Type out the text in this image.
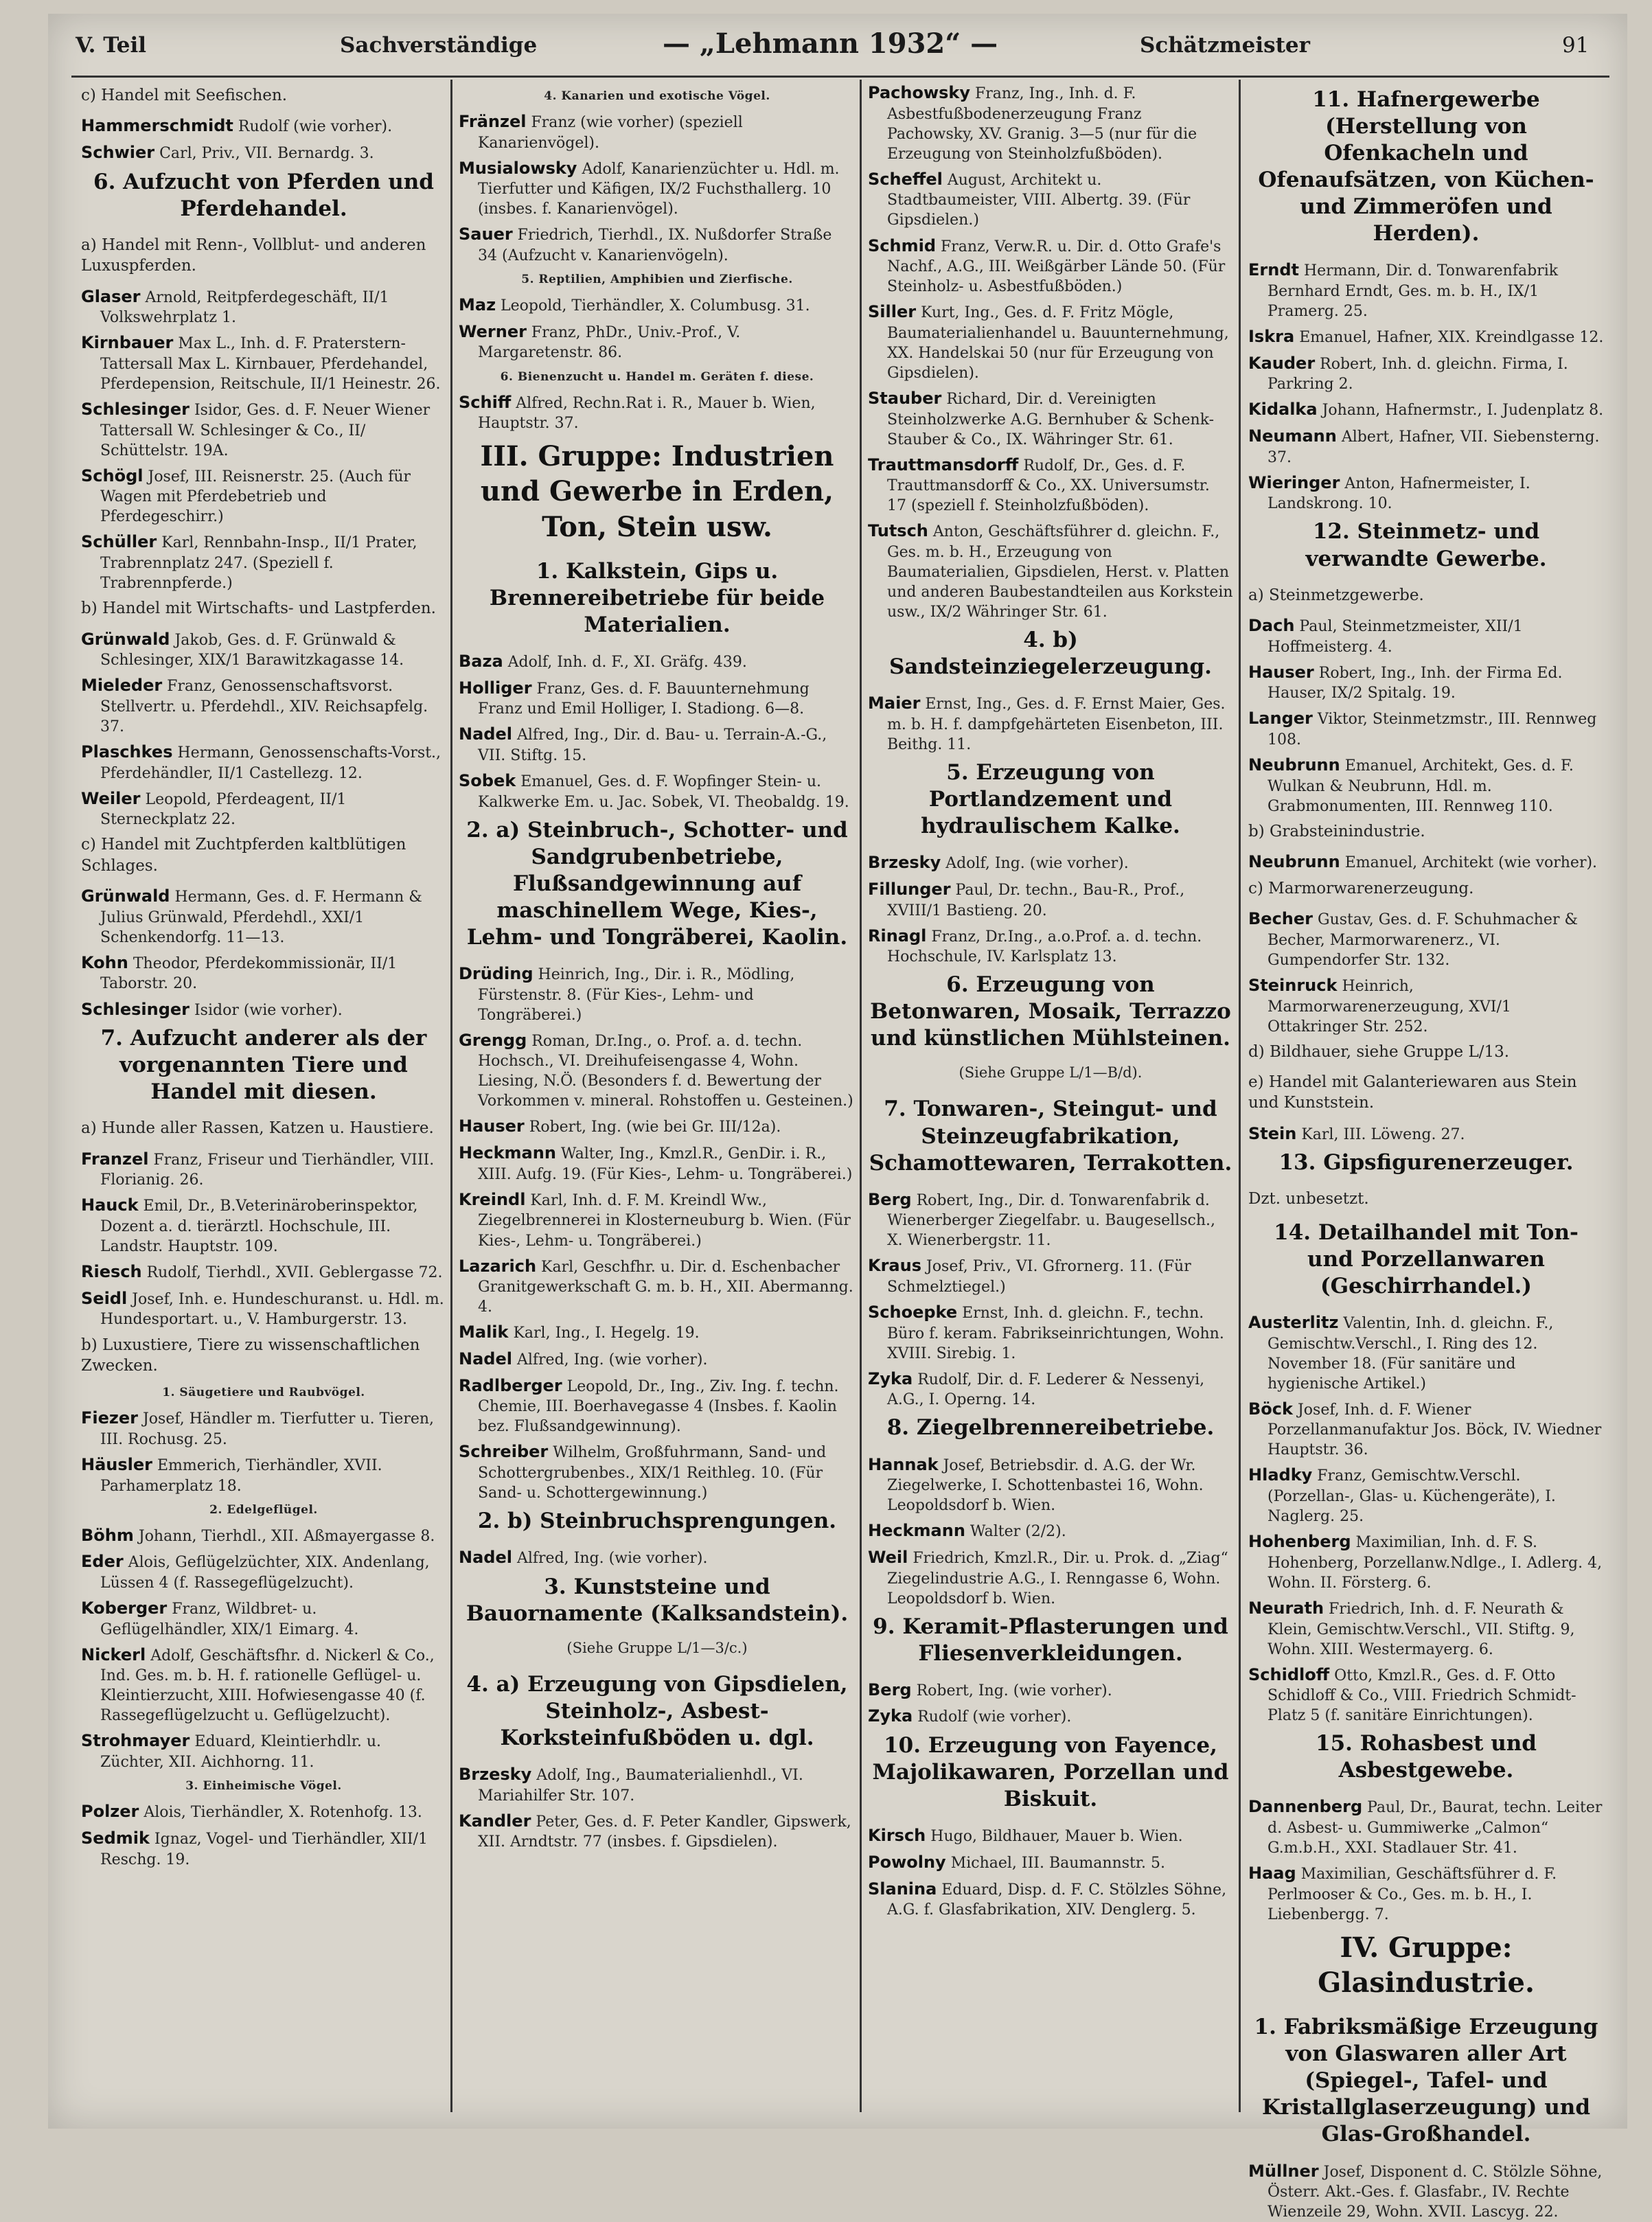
V. Teil	Sachverständige	— „Lehmann 1932“ —	Schätzmeister	91
c) Handel mit Seefischen.
Hammerschmidt Rudolf (wie vorher).
Schwier Carl, Priv., VII. Bernardg. 3.
6. Aufzucht von Pferden und Pferdehandel.
a) Handel mit Renn-, Vollblut- und anderen Luxuspferden.
Glaser Arnold, Reitpferdegeschäft, II/1 Volkswehrplatz 1.
Kirnbauer Max L., Inh. d. F. Praterstern-Tattersall Max L. Kirnbauer, Pferdehandel, Pferdepension, Reitschule, II/1 Heinestr. 26.
Schlesinger Isidor, Ges. d. F. Neuer Wiener Tattersall W. Schlesinger & Co., II/ Schüttelstr. 19A.
Schögl Josef, III. Reisnerstr. 25. (Auch für Wagen mit Pferdebetrieb und Pferdegeschirr.)
Schüller Karl, Rennbahn-Insp., II/1 Prater, Trabrennplatz 247. (Speziell f. Trabrennpferde.)
b) Handel mit Wirtschafts- und Lastpferden.
Grünwald Jakob, Ges. d. F. Grünwald & Schlesinger, XIX/1 Barawitzkagasse 14.
Mieleder Franz, Genossenschaftsvorst. Stellvertr. u. Pferdehdl., XIV. Reichsapfelg. 37.
Plaschkes Hermann, Genossenschafts-Vorst., Pferdehändler, II/1 Castellezg. 12.
Weiler Leopold, Pferdeagent, II/1 Sterneckplatz 22.
c) Handel mit Zuchtpferden kaltblütigen Schlages.
Grünwald Hermann, Ges. d. F. Hermann & Julius Grünwald, Pferdehdl., XXI/1 Schenkendorfg. 11—13.
Kohn Theodor, Pferdekommissionär, II/1 Taborstr. 20.
Schlesinger Isidor (wie vorher).
7. Aufzucht anderer als der vorgenannten Tiere und Handel mit diesen.
a) Hunde aller Rassen, Katzen u. Haustiere.
Franzel Franz, Friseur und Tierhändler, VIII. Florianig. 26.
Hauck Emil, Dr., B.Veterinäroberinspektor, Dozent a. d. tierärztl. Hochschule, III. Landstr. Hauptstr. 109.
Riesch Rudolf, Tierhdl., XVII. Geblergasse 72.
Seidl Josef, Inh. e. Hundeschuranst. u. Hdl. m. Hundesportart. u., V. Hamburgerstr. 13.
b) Luxustiere, Tiere zu wissenschaftlichen Zwecken.
1. Säugetiere und Raubvögel.
Fiezer Josef, Händler m. Tierfutter u. Tieren, III. Rochusg. 25.
Häusler Emmerich, Tierhändler, XVII. Parhamerplatz 18.
2. Edelgeflügel.
Böhm Johann, Tierhdl., XII. Aßmayergasse 8.
Eder Alois, Geflügelzüchter, XIX. Andenlang, Lüssen 4 (f. Rassegeflügelzucht).
Koberger Franz, Wildbret- u. Geflügelhändler, XIX/1 Eimarg. 4.
Nickerl Adolf, Geschäftsfhr. d. Nickerl & Co., Ind. Ges. m. b. H. f. rationelle Geflügel- u. Kleintierzucht, XIII. Hofwiesengasse 40 (f. Rassegeflügelzucht u. Geflügelzucht).
Strohmayer Eduard, Kleintierhdlr. u. Züchter, XII. Aichhorng. 11.
3. Einheimische Vögel.
Polzer Alois, Tierhändler, X. Rotenhofg. 13.
Sedmik Ignaz, Vogel- und Tierhändler, XII/1 Reschg. 19.
4. Kanarien und exotische Vögel.
Fränzel Franz (wie vorher) (speziell Kanarienvögel).
Musialowsky Adolf, Kanarienzüchter u. Hdl. m. Tierfutter und Käfigen, IX/2 Fuchsthallerg. 10 (insbes. f. Kanarienvögel).
Sauer Friedrich, Tierhdl., IX. Nußdorfer Straße 34 (Aufzucht v. Kanarienvögeln).
5. Reptilien, Amphibien und Zierfische.
Maz Leopold, Tierhändler, X. Columbusg. 31.
Werner Franz, PhDr., Univ.-Prof., V. Margaretenstr. 86.
6. Bienenzucht u. Handel m. Geräten f. diese.
Schiff Alfred, Rechn.Rat i. R., Mauer b. Wien, Hauptstr. 37.
III. Gruppe: Industrien und Gewerbe in Erden, Ton, Stein usw.
1. Kalkstein, Gips u. Brennereibetriebe für beide Materialien.
Baza Adolf, Inh. d. F., XI. Gräfg. 439.
Holliger Franz, Ges. d. F. Bauunternehmung Franz und Emil Holliger, I. Stadiong. 6—8.
Nadel Alfred, Ing., Dir. d. Bau- u. Terrain-A.-G., VII. Stiftg. 15.
Sobek Emanuel, Ges. d. F. Wopfinger Stein- u. Kalkwerke Em. u. Jac. Sobek, VI. Theobaldg. 19.
2. a) Steinbruch-, Schotter- und Sandgrubenbetriebe, Flußsandgewinnung auf maschinellem Wege, Kies-, Lehm- und Tongräberei, Kaolin.
Drüding Heinrich, Ing., Dir. i. R., Mödling, Fürstenstr. 8. (Für Kies-, Lehm- und Tongräberei.)
Grengg Roman, Dr.Ing., o. Prof. a. d. techn. Hochsch., VI. Dreihufeisengasse 4, Wohn. Liesing, N.Ö. (Besonders f. d. Bewertung der Vorkommen v. mineral. Rohstoffen u. Gesteinen.)
Hauser Robert, Ing. (wie bei Gr. III/12a).
Heckmann Walter, Ing., Kmzl.R., GenDir. i. R., XIII. Aufg. 19. (Für Kies-, Lehm- u. Tongräberei.)
Kreindl Karl, Inh. d. F. M. Kreindl Ww., Ziegelbrennerei in Klosterneuburg b. Wien. (Für Kies-, Lehm- u. Tongräberei.)
Lazarich Karl, Geschfhr. u. Dir. d. Eschenbacher Granitgewerkschaft G. m. b. H., XII. Abermanng. 4.
Malik Karl, Ing., I. Hegelg. 19.
Nadel Alfred, Ing. (wie vorher).
Radlberger Leopold, Dr., Ing., Ziv. Ing. f. techn. Chemie, III. Boerhavegasse 4 (Insbes. f. Kaolin bez. Flußsandgewinnung).
Schreiber Wilhelm, Großfuhrmann, Sand- und Schottergrubenbes., XIX/1 Reithleg. 10. (Für Sand- u. Schottergewinnung.)
2. b) Steinbruchsprengungen.
Nadel Alfred, Ing. (wie vorher).
3. Kunststeine und Bauornamente (Kalksandstein).
(Siehe Gruppe L/1—3/c.)
4. a) Erzeugung von Gipsdielen, Steinholz-, Asbest- Korksteinfußböden u. dgl.
Brzesky Adolf, Ing., Baumaterialienhdl., VI. Mariahilfer Str. 107.
Kandler Peter, Ges. d. F. Peter Kandler, Gipswerk, XII. Arndtstr. 77 (insbes. f. Gipsdielen).
Pachowsky Franz, Ing., Inh. d. F. Asbestfußbodenerzeugung Franz Pachowsky, XV. Granig. 3—5 (nur für die Erzeugung von Steinholzfußböden).
Scheffel August, Architekt u. Stadtbaumeister, VIII. Albertg. 39. (Für Gipsdielen.)
Schmid Franz, Verw.R. u. Dir. d. Otto Grafe's Nachf., A.G., III. Weißgärber Lände 50. (Für Steinholz- u. Asbestfußböden.)
Siller Kurt, Ing., Ges. d. F. Fritz Mögle, Baumaterialienhandel u. Bauunternehmung, XX. Handelskai 50 (nur für Erzeugung von Gipsdielen).
Stauber Richard, Dir. d. Vereinigten Steinholzwerke A.G. Bernhuber & Schenk-Stauber & Co., IX. Währinger Str. 61.
Trauttmansdorff Rudolf, Dr., Ges. d. F. Trauttmansdorff & Co., XX. Universumstr. 17 (speziell f. Steinholzfußböden).
Tutsch Anton, Geschäftsführer d. gleichn. F., Ges. m. b. H., Erzeugung von Baumaterialien, Gipsdielen, Herst. v. Platten und anderen Baubestandteilen aus Korkstein usw., IX/2 Währinger Str. 61.
4. b) Sandsteinziegelerzeugung.
Maier Ernst, Ing., Ges. d. F. Ernst Maier, Ges. m. b. H. f. dampfgehärteten Eisenbeton, III. Beithg. 11.
5. Erzeugung von Portlandzement und hydraulischem Kalke.
Brzesky Adolf, Ing. (wie vorher).
Fillunger Paul, Dr. techn., Bau-R., Prof., XVIII/1 Bastieng. 20.
Rinagl Franz, Dr.Ing., a.o.Prof. a. d. techn. Hochschule, IV. Karlsplatz 13.
6. Erzeugung von Betonwaren, Mosaik, Terrazzo und künstlichen Mühlsteinen.
(Siehe Gruppe L/1—B/d).
7. Tonwaren-, Steingut- und Steinzeugfabrikation, Schamottewaren, Terrakotten.
Berg Robert, Ing., Dir. d. Tonwarenfabrik d. Wienerberger Ziegelfabr. u. Baugesellsch., X. Wienerbergstr. 11.
Kraus Josef, Priv., VI. Gfrornerg. 11. (Für Schmelztiegel.)
Schoepke Ernst, Inh. d. gleichn. F., techn. Büro f. keram. Fabrikseinrichtungen, Wohn. XVIII. Sirebig. 1.
Zyka Rudolf, Dir. d. F. Lederer & Nessenyi, A.G., I. Operng. 14.
8. Ziegelbrennereibetriebe.
Hannak Josef, Betriebsdir. d. A.G. der Wr. Ziegelwerke, I. Schottenbastei 16, Wohn. Leopoldsdorf b. Wien.
Heckmann Walter (2/2).
Weil Friedrich, Kmzl.R., Dir. u. Prok. d. „Ziag“ Ziegelindustrie A.G., I. Renngasse 6, Wohn. Leopoldsdorf b. Wien.
9. Keramit-Pflasterungen und Fliesenverkleidungen.
Berg Robert, Ing. (wie vorher).
Zyka Rudolf (wie vorher).
10. Erzeugung von Fayence, Majolikawaren, Porzellan und Biskuit.
Kirsch Hugo, Bildhauer, Mauer b. Wien.
Powolny Michael, III. Baumannstr. 5.
Slanina Eduard, Disp. d. F. C. Stölzles Söhne, A.G. f. Glasfabrikation, XIV. Denglerg. 5.
11. Hafnergewerbe (Herstellung von Ofenkacheln und Ofenaufsätzen, von Küchen- und Zimmeröfen und Herden).
Erndt Hermann, Dir. d. Tonwarenfabrik Bernhard Erndt, Ges. m. b. H., IX/1 Pramerg. 25.
Iskra Emanuel, Hafner, XIX. Kreindlgasse 12.
Kauder Robert, Inh. d. gleichn. Firma, I. Parkring 2.
Kidalka Johann, Hafnermstr., I. Judenplatz 8.
Neumann Albert, Hafner, VII. Siebensterng. 37.
Wieringer Anton, Hafnermeister, I. Landskrong. 10.
12. Steinmetz- und verwandte Gewerbe.
a) Steinmetzgewerbe.
Dach Paul, Steinmetzmeister, XII/1 Hoffmeisterg. 4.
Hauser Robert, Ing., Inh. der Firma Ed. Hauser, IX/2 Spitalg. 19.
Langer Viktor, Steinmetzmstr., III. Rennweg 108.
Neubrunn Emanuel, Architekt, Ges. d. F. Wulkan & Neubrunn, Hdl. m. Grabmonumenten, III. Rennweg 110.
b) Grabsteinindustrie.
Neubrunn Emanuel, Architekt (wie vorher).
c) Marmorwarenerzeugung.
Becher Gustav, Ges. d. F. Schuhmacher & Becher, Marmorwarenerz., VI. Gumpendorfer Str. 132.
Steinruck Heinrich, Marmorwarenerzeugung, XVI/1 Ottakringer Str. 252.
d) Bildhauer, siehe Gruppe L/13.
e) Handel mit Galanteriewaren aus Stein und Kunststein.
Stein Karl, III. Löweng. 27.
13. Gipsfigurenerzeuger.
Dzt. unbesetzt.
14. Detailhandel mit Ton- und Porzellanwaren (Geschirrhandel.)
Austerlitz Valentin, Inh. d. gleichn. F., Gemischtw.Verschl., I. Ring des 12. November 18. (Für sanitäre und hygienische Artikel.)
Böck Josef, Inh. d. F. Wiener Porzellanmanufaktur Jos. Böck, IV. Wiedner Hauptstr. 36.
Hladky Franz, Gemischtw.Verschl. (Porzellan-, Glas- u. Küchengeräte), I. Naglerg. 25.
Hohenberg Maximilian, Inh. d. F. S. Hohenberg, Porzellanw.Ndlge., I. Adlerg. 4, Wohn. II. Försterg. 6.
Neurath Friedrich, Inh. d. F. Neurath & Klein, Gemischtw.Verschl., VII. Stiftg. 9, Wohn. XIII. Westermayerg. 6.
Schidloff Otto, Kmzl.R., Ges. d. F. Otto Schidloff & Co., VIII. Friedrich Schmidt-Platz 5 (f. sanitäre Einrichtungen).
15. Rohasbest und Asbestgewebe.
Dannenberg Paul, Dr., Baurat, techn. Leiter d. Asbest- u. Gummiwerke „Calmon“ G.m.b.H., XXI. Stadlauer Str. 41.
Haag Maximilian, Geschäftsführer d. F. Perlmooser & Co., Ges. m. b. H., I. Liebenbergg. 7.
IV. Gruppe: Glasindustrie.
1. Fabriksmäßige Erzeugung von Glaswaren aller Art (Spiegel-, Tafel- und Kristallglaserzeugung) und Glas-Großhandel.
Müllner Josef, Disponent d. C. Stölzle Söhne, Österr. Akt.-Ges. f. Glasfabr., IV. Rechte Wienzeile 29, Wohn. XVII. Lascyg. 22.
